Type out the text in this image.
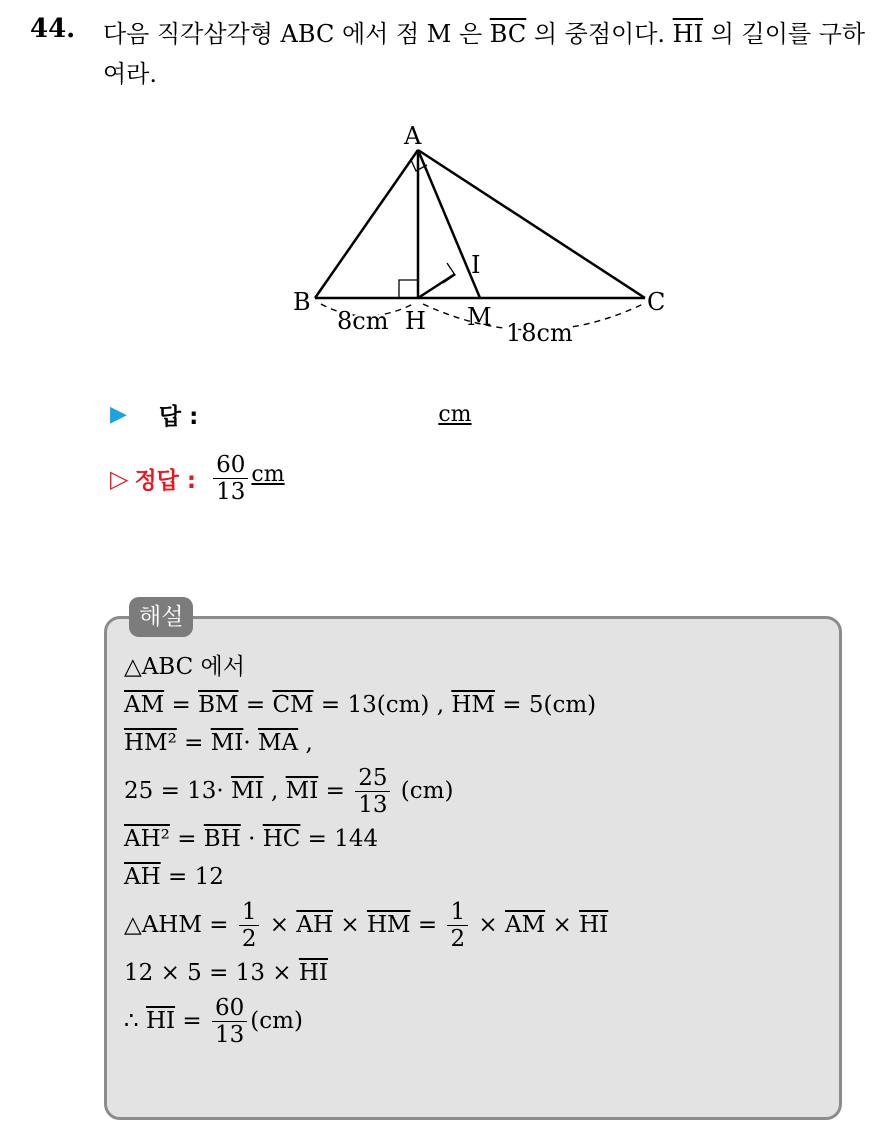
44. 다음 직각삼각형 ABC 에서 점 M 은 $\overline{BC}$ 의 중점이다. $\overline{HI}$ 의 길이를 구하여라.
A
B	C
H M
I
8cm	18cm
▶ 답 :	cm
▷ 정답 : $\frac{60}{13}$ cm
해설
△ABC 에서
$\overline{AM} = \overline{BM} = \overline{CM} = 13(cm)$ , $\overline{HM} = 5(cm)$
$HM^2 = \overline{MI}\cdot \overline{MA}$ ,
$25 = 13\cdot \overline{MI}$ , $\overline{MI} = \frac{25}{13} (cm)$
$AH^2 = \overline{BH} \cdot \overline{HC} = 144$
$\overline{AH} = 12$
△AHM = $\frac{1}{2} \times \overline{AH} \times \overline{HM} = \frac{1}{2} \times \overline{AM} \times \overline{HI}$
$12 \times 5 = 13 \times \overline{HI}$
∴ $\overline{HI} = \frac{60}{13} (cm)$
